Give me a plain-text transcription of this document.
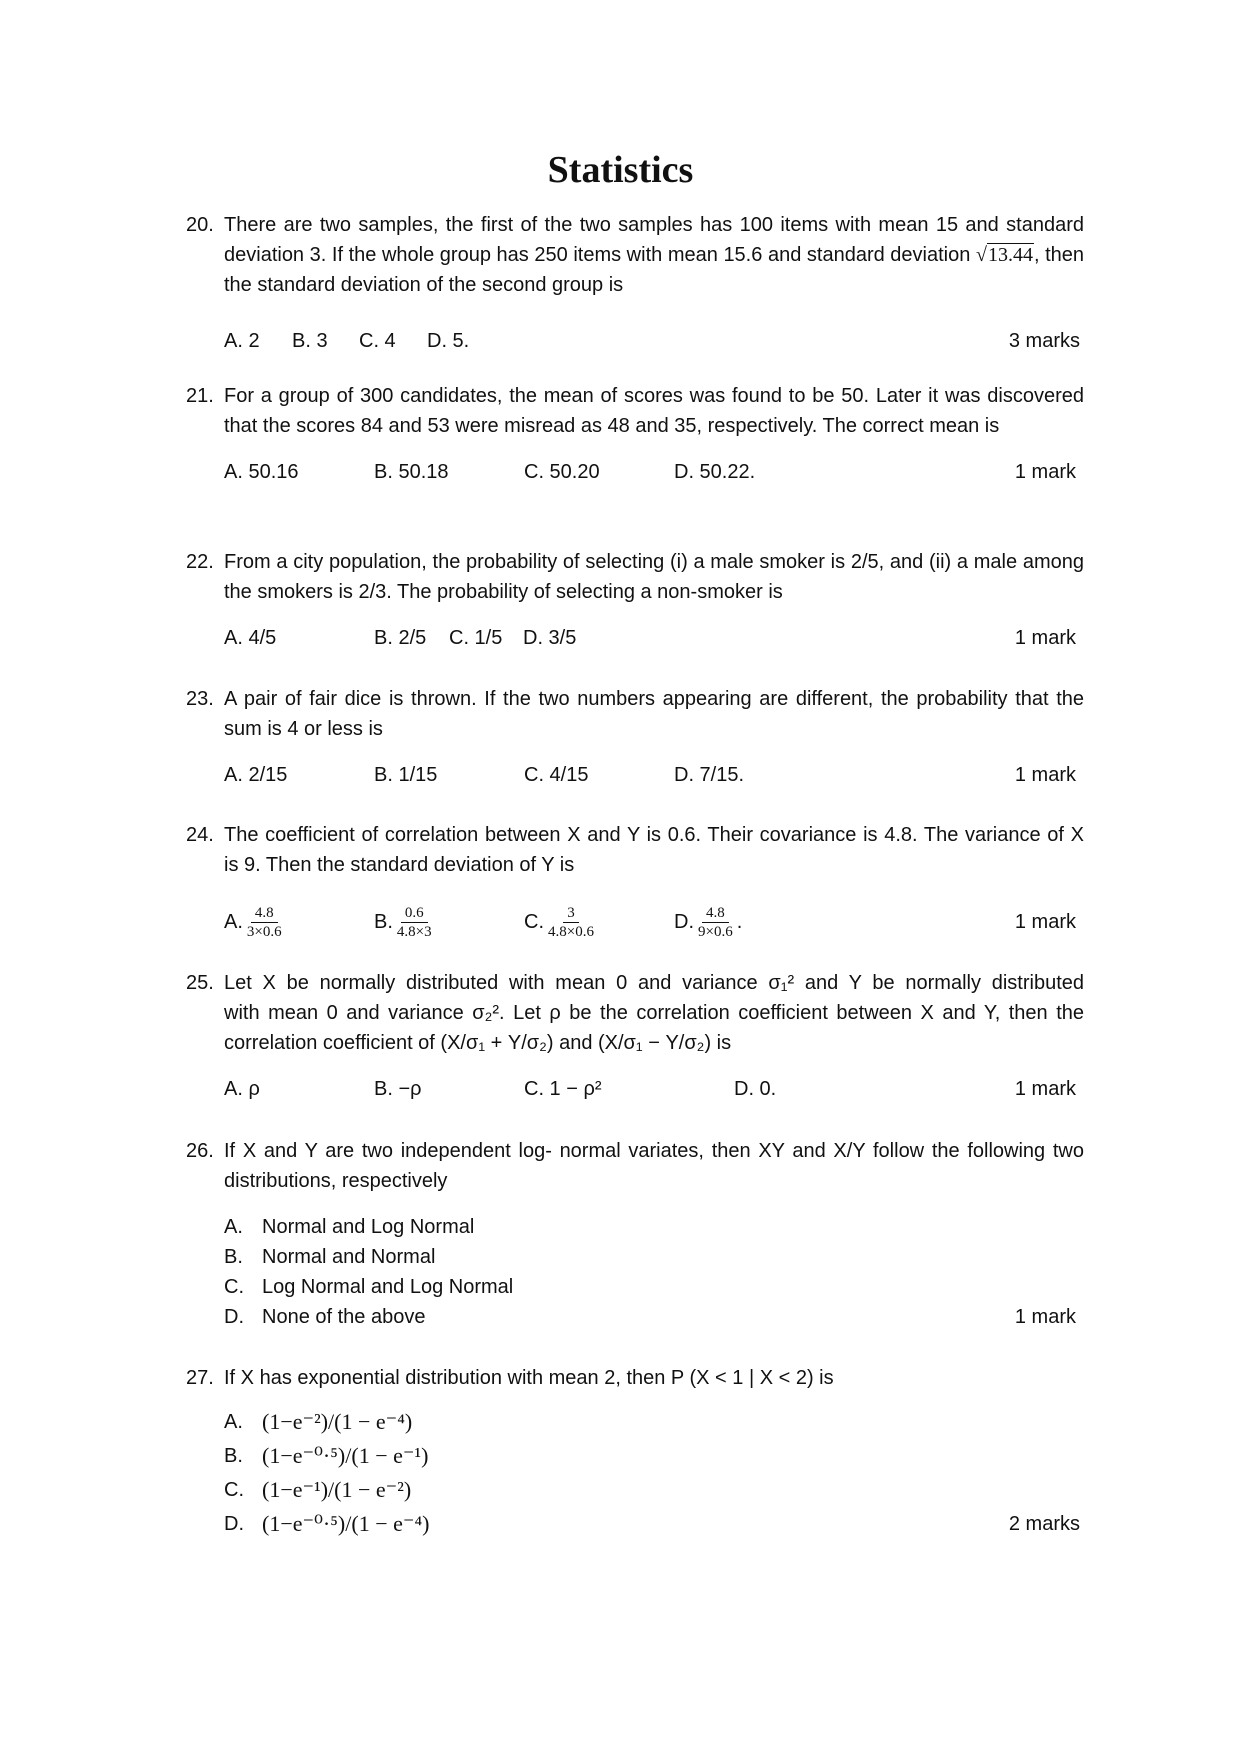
Statistics
20. There are two samples, the first of the two samples has 100 items with mean 15 and standard deviation 3. If the whole group has 250 items with mean 15.6 and standard deviation √13.44, then the standard deviation of the second group is
A. 2 B. 3 C. 4 D. 5.	3 marks
21. For a group of 300 candidates, the mean of scores was found to be 50. Later it was discovered that the scores 84 and 53 were misread as 48 and 35, respectively. The correct mean is
A. 50.16	B. 50.18	C. 50.20	D. 50.22.	1 mark
22. From a city population, the probability of selecting (i) a male smoker is 2/5, and (ii) a male among the smokers is 2/3. The probability of selecting a non-smoker is
A. 4/5	B. 2/5 C. 1/5 D. 3/5	1 mark
23. A pair of fair dice is thrown. If the two numbers appearing are different, the probability that the sum is 4 or less is
A. 2/15	B. 1/15	C. 4/15	D. 7/15.	1 mark
24. The coefficient of correlation between X and Y is 0.6. Their covariance is 4.8. The variance of X is 9. Then the standard deviation of Y is
A. $\frac{4.8}{3\times 0.6}$	B. $\frac{0.6}{4.8\times 3}$	C. $\frac{3}{4.8\times 0.6}$	D. $\frac{4.8}{9\times 0.6}$ .	1 mark
25. Let X be normally distributed with mean 0 and variance σ₁² and Y be normally distributed
with mean 0 and variance σ₂². Let ρ be the correlation coefficient between X and Y, then the
correlation coefficient of (X/σ₁ + Y/σ₂) and (X/σ₁ − Y/σ₂) is
A. ρ	B. −ρ	C. 1 − ρ²	D. 0.	1 mark
26. If X and Y are two independent log- normal variates, then XY and X/Y follow the following two distributions, respectively
A. Normal and Log Normal
B. Normal and Normal
C. Log Normal and Log Normal
D. None of the above	1 mark
27. If X has exponential distribution with mean 2, then P (X < 1 | X < 2) is
A. (1−e⁻²)/(1 − e⁻⁴)
B. (1−e⁻⁰·⁵)/(1 − e⁻¹)
C. (1−e⁻¹)/(1 − e⁻²)
D. (1−e⁻⁰·⁵)/(1 − e⁻⁴)	2 marks
